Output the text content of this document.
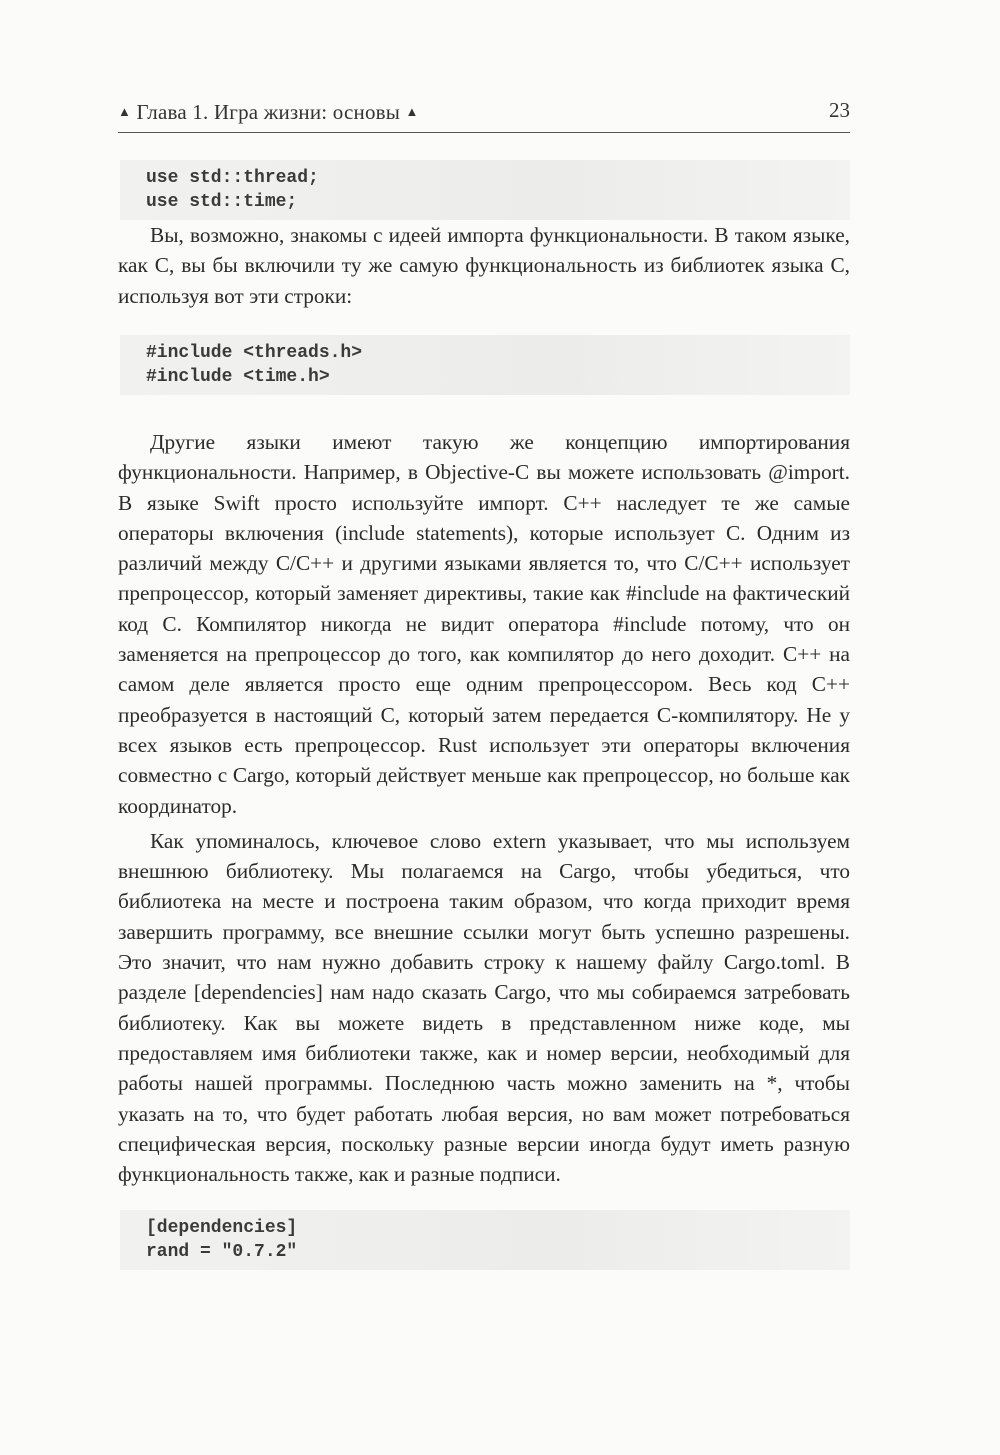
▲ Глава 1. Игра жизни: основы ▲	23
use std::thread;
use std::time;

Вы, возможно, знакомы с идеей импорта функциональности. В таком языке, как С, вы бы включили ту же самую функциональность из библиотек языка С, используя вот эти строки:

#include <threads.h>
#include <time.h>

Другие языки имеют такую же концепцию импортирования функциональности. Например, в Objective-C вы можете использовать @import. В языке Swift просто используйте импорт. С++ наследует те же самые операторы включения (include statements), которые использует С. Одним из различий между С/С++ и другими языками является то, что С/С++ использует препроцессор, который заменяет директивы, такие как #include на фактический код С. Компилятор никогда не видит оператора #include потому, что он заменяется на препроцессор до того, как компилятор до него доходит. С++ на самом деле является просто еще одним препроцессором. Весь код С++ преобразуется в настоящий С, который затем передается С-компилятору. Не у всех языков есть препроцессор. Rust использует эти операторы включения совместно с Cargo, который действует меньше как препроцессор, но больше как координатор.

Как упоминалось, ключевое слово extern указывает, что мы используем внешнюю библиотеку. Мы полагаемся на Cargo, чтобы убедиться, что библиотека на месте и построена таким образом, что когда приходит время завершить программу, все внешние ссылки могут быть успешно разрешены. Это значит, что нам нужно добавить строку к нашему файлу Cargo.toml. В разделе [dependencies] нам надо сказать Cargo, что мы собираемся затребовать библиотеку. Как вы можете видеть в представленном ниже коде, мы предоставляем имя библиотеки также, как и номер версии, необходимый для работы нашей программы. Последнюю часть можно заменить на *, чтобы указать на то, что будет работать любая версия, но вам может потребоваться специфическая версия, поскольку разные версии иногда будут иметь разную функциональность также, как и разные подписи.

[dependencies]
rand = "0.7.2"
